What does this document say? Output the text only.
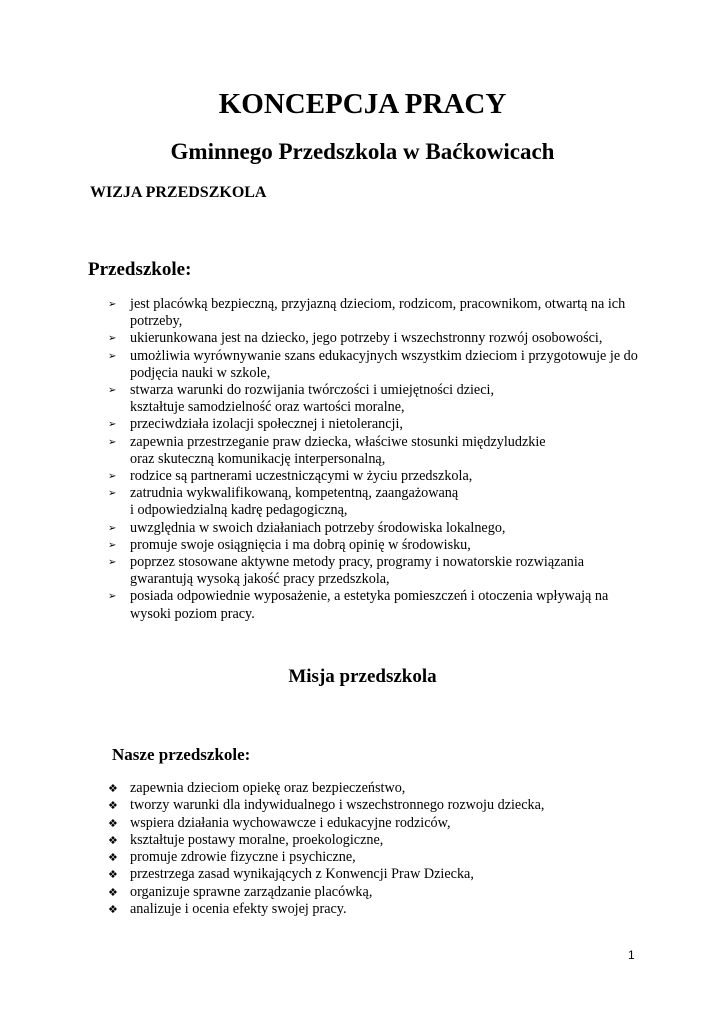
KONCEPCJA PRACY
Gminnego Przedszkola w Baćkowicach
WIZJA PRZEDSZKOLA
Przedszkole:
➢ jest placówką bezpieczną, przyjazną dzieciom, rodzicom, pracownikom, otwartą na ich potrzeby,
➢ ukierunkowana jest na dziecko, jego potrzeby i wszechstronny rozwój osobowości,
➢ umożliwia wyrównywanie szans edukacyjnych wszystkim dzieciom i przygotowuje je do podjęcia nauki w szkole,
➢ stwarza warunki do rozwijania twórczości i umiejętności dzieci,
kształtuje samodzielność oraz wartości moralne,
➢ przeciwdziała izolacji społecznej i nietolerancji,
➢ zapewnia przestrzeganie praw dziecka, właściwe stosunki międzyludzkie
oraz skuteczną komunikację interpersonalną,
➢ rodzice są partnerami uczestniczącymi w życiu przedszkola,
➢ zatrudnia wykwalifikowaną, kompetentną, zaangażowaną
i odpowiedzialną kadrę pedagogiczną,
➢ uwzględnia w swoich działaniach potrzeby środowiska lokalnego,
➢ promuje swoje osiągnięcia i ma dobrą opinię w środowisku,
➢ poprzez stosowane aktywne metody pracy, programy i nowatorskie rozwiązania gwarantują wysoką jakość pracy przedszkola,
➢ posiada odpowiednie wyposażenie, a estetyka pomieszczeń i otoczenia wpływają na wysoki poziom pracy.
Misja przedszkola
Nasze przedszkole:
❖ zapewnia dzieciom opiekę oraz bezpieczeństwo,
❖ tworzy warunki dla indywidualnego i wszechstronnego rozwoju dziecka,
❖ wspiera działania wychowawcze i edukacyjne rodziców,
❖ kształtuje postawy moralne, proekologiczne,
❖ promuje zdrowie fizyczne i psychiczne,
❖ przestrzega zasad wynikających z Konwencji Praw Dziecka,
❖ organizuje sprawne zarządzanie placówką,
❖ analizuje i ocenia efekty swojej pracy.
1
